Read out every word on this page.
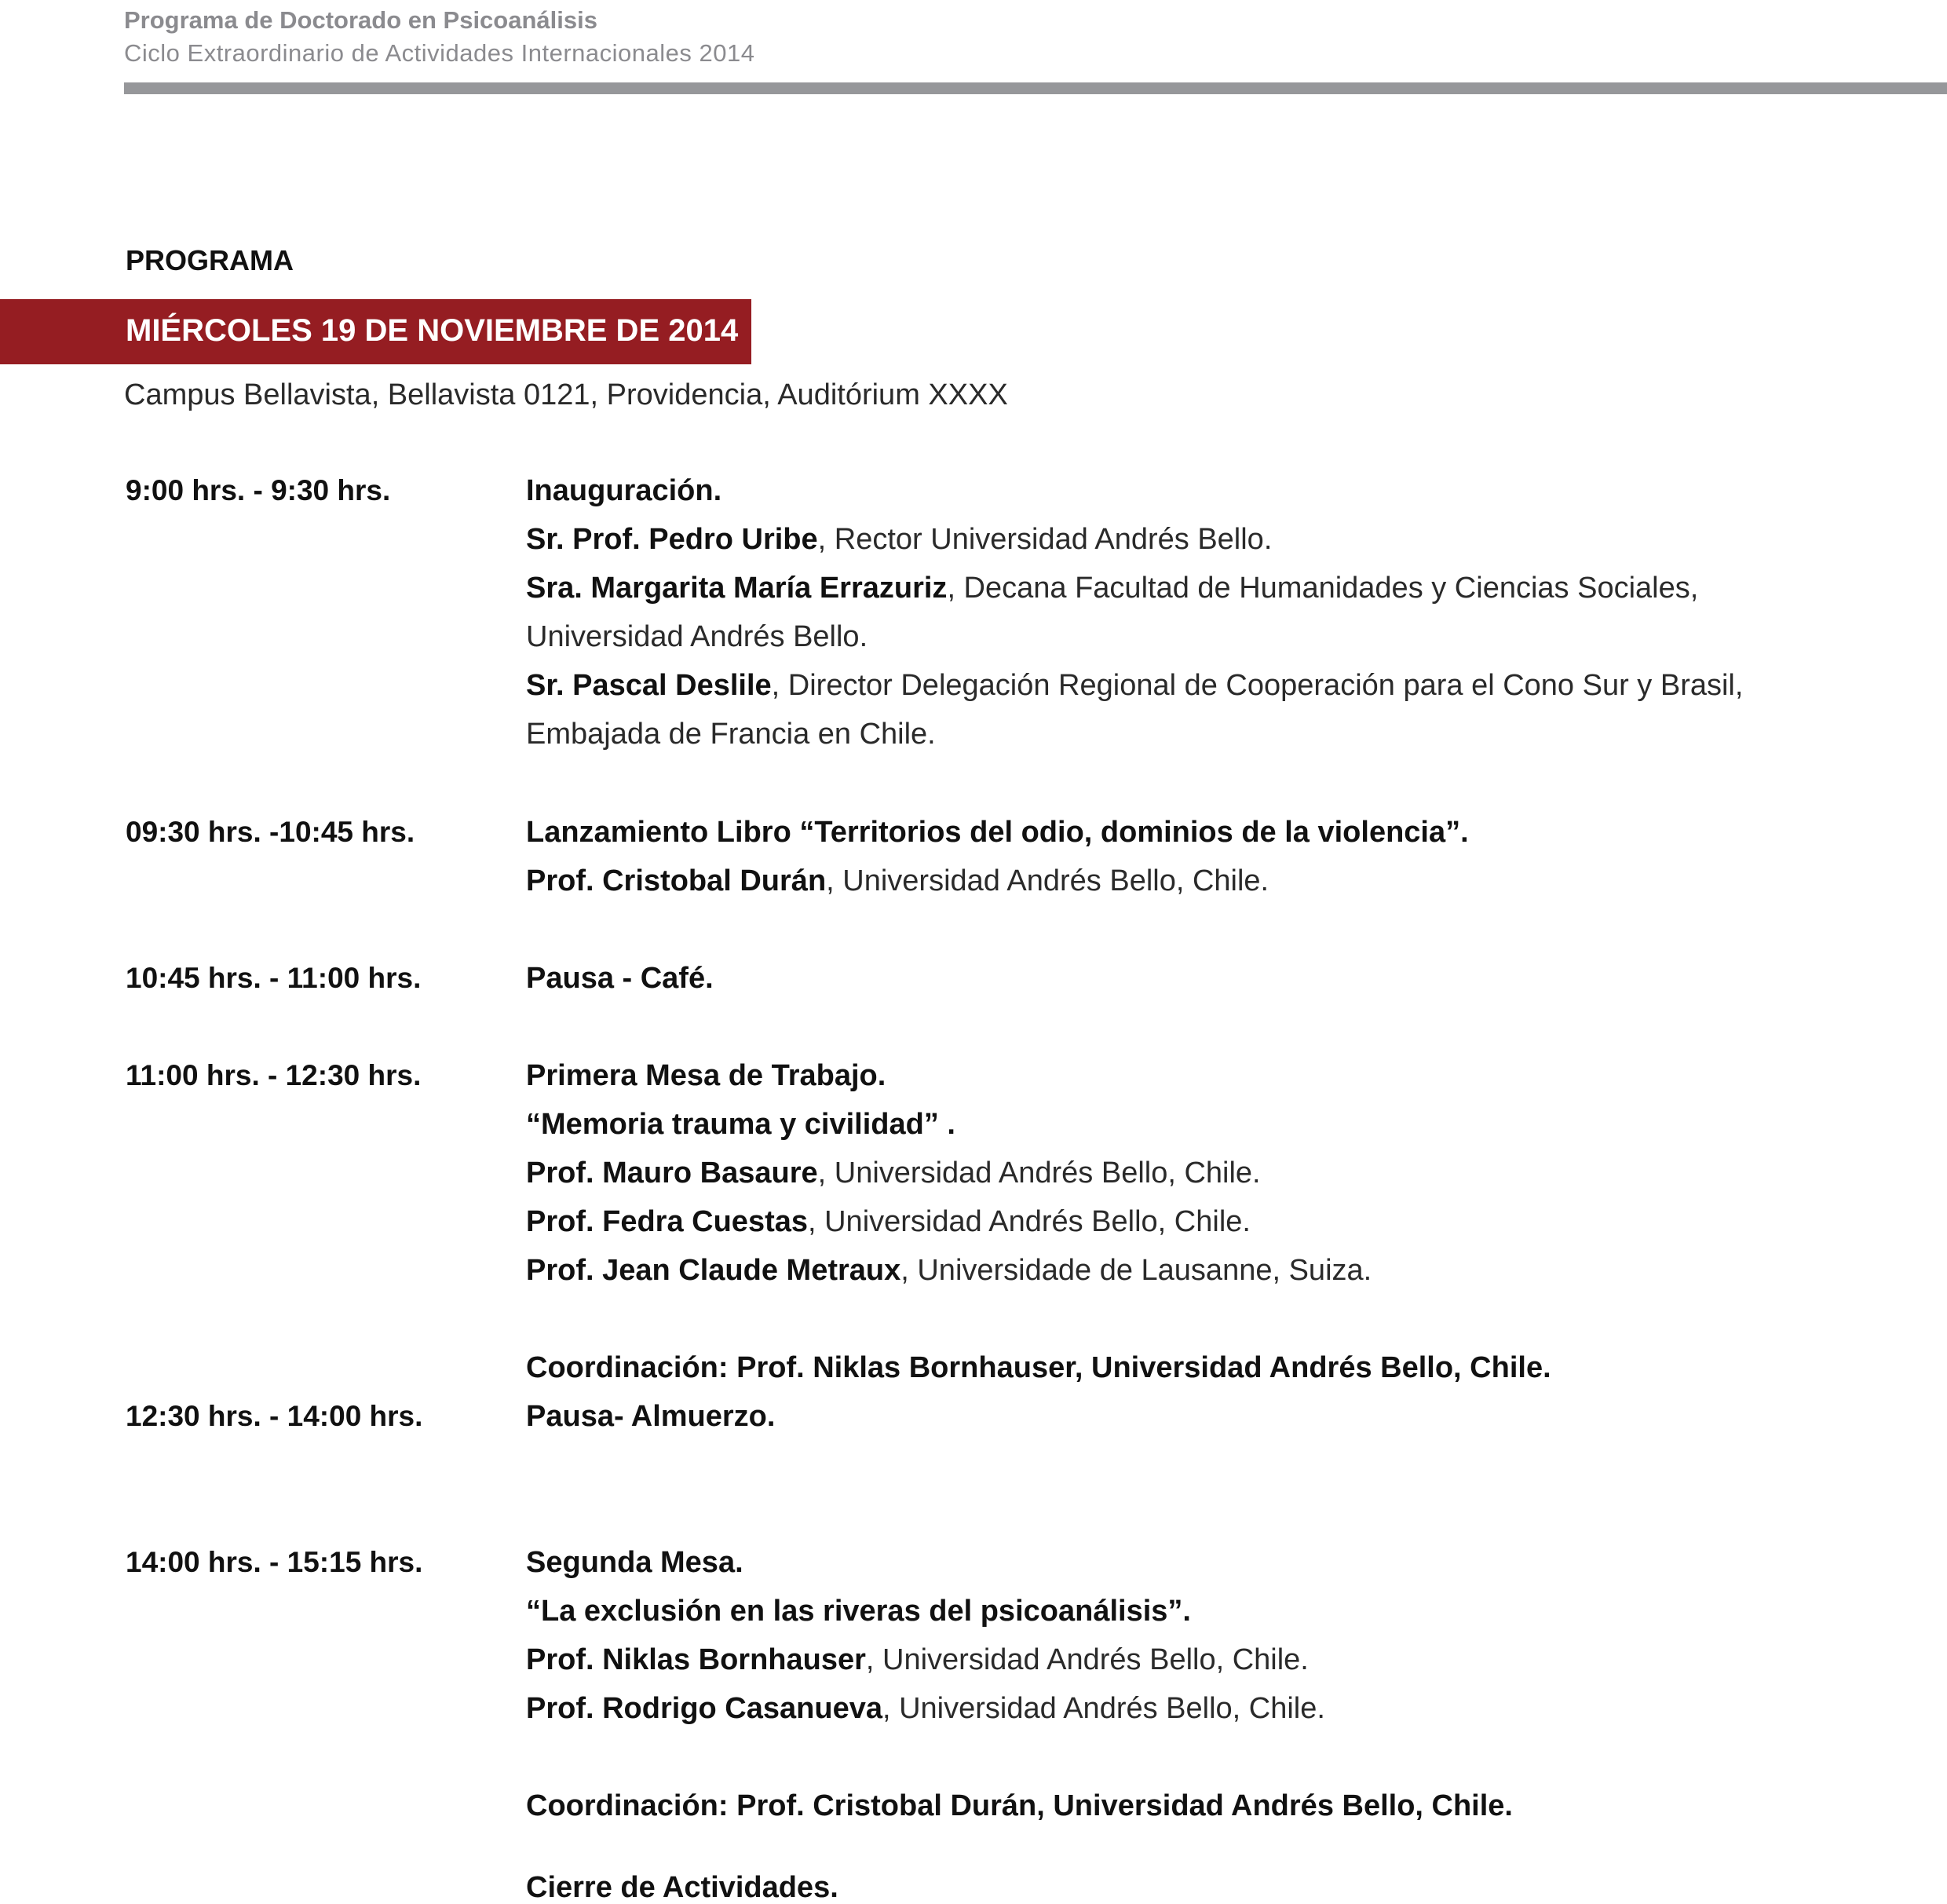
Programa de Doctorado en Psicoanálisis
Ciclo Extraordinario de Actividades Internacionales 2014
PROGRAMA
MIÉRCOLES 19 DE NOVIEMBRE DE 2014
Campus Bellavista, Bellavista 0121, Providencia, Auditórium XXXX
9:00 hrs. - 9:30 hrs.	Inauguración.
Sr. Prof. Pedro Uribe, Rector Universidad Andrés Bello.
Sra. Margarita María Errazuriz, Decana Facultad de Humanidades y Ciencias Sociales,
Universidad Andrés Bello.
Sr. Pascal Deslile, Director Delegación Regional de Cooperación para el Cono Sur y Brasil,
Embajada de Francia en Chile.
09:30 hrs. -10:45 hrs.	Lanzamiento Libro “Territorios del odio, dominios de la violencia”.
Prof. Cristobal Durán, Universidad Andrés Bello, Chile.
10:45 hrs. - 11:00 hrs.	Pausa - Café.
11:00 hrs. - 12:30 hrs.	Primera Mesa de Trabajo.
“Memoria trauma y civilidad” .
Prof. Mauro Basaure, Universidad Andrés Bello, Chile.
Prof. Fedra Cuestas, Universidad Andrés Bello, Chile.
Prof. Jean Claude Metraux, Universidade de Lausanne, Suiza.
Coordinación: Prof. Niklas Bornhauser, Universidad Andrés Bello, Chile.
12:30 hrs. - 14:00 hrs.	Pausa- Almuerzo.
14:00 hrs. - 15:15 hrs.	Segunda Mesa.
“La exclusión en las riveras del psicoanálisis”.
Prof. Niklas Bornhauser, Universidad Andrés Bello, Chile.
Prof. Rodrigo Casanueva, Universidad Andrés Bello, Chile.
Coordinación: Prof. Cristobal Durán, Universidad Andrés Bello, Chile.
Cierre de Actividades.
